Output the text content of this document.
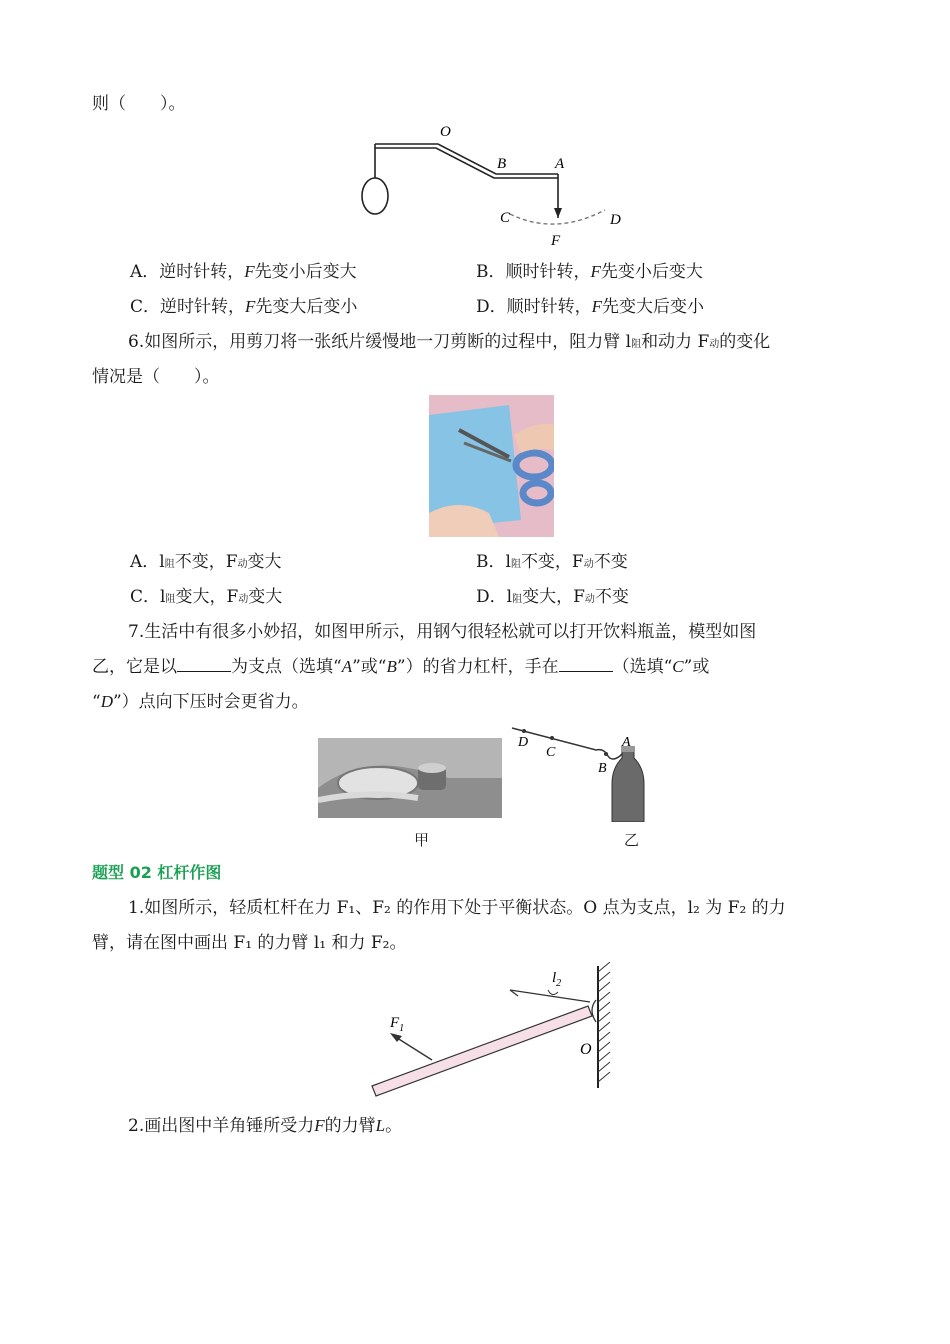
则（　　）。
O
B	A
C	D
F
A．逆时针转，F先变小后变大	B．顺时针转，F先变小后变大
C．逆时针转，F先变大后变小	D．顺时针转，F先变大后变小
6.如图所示，用剪刀将一张纸片缓慢地一刀剪断的过程中，阻力臂 l阻和动力 F动的变化
情况是（　　）。
A．l阻不变，F动变大	B．l阻不变，F动不变
C．l阻变大，F动变大	D．l阻变大，F动不变
7.生活中有很多小妙招，如图甲所示，用钢勺很轻松就可以打开饮料瓶盖，模型如图
乙，它是以	为支点（选填“A”或“B”）的省力杠杆，手在	（选填“C”或
“D”）点向下压时会更省力。
甲
D
C
B
A
乙
题型 02 杠杆作图
1.如图所示，轻质杠杆在力 F₁、F₂ 的作用下处于平衡状态。O 点为支点，l₂ 为 F₂ 的力
臂，请在图中画出 F₁ 的力臂 l₁ 和力 F₂。
$F_1$
$l_2$
O
2.画出图中羊角锤所受力F的力臂L。
